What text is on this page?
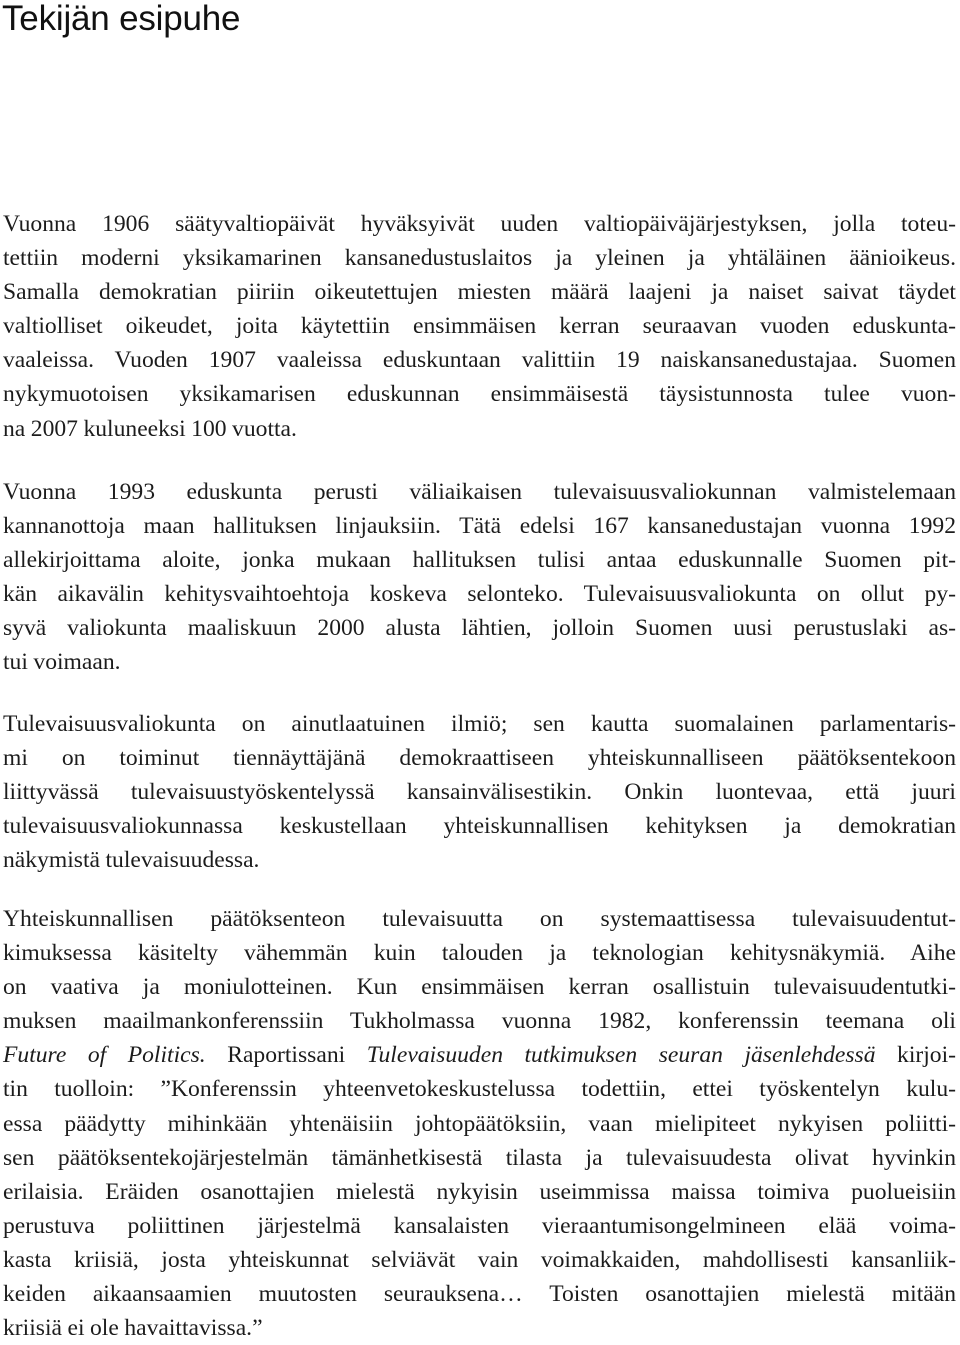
Tekijän esipuhe
Vuonna 1906 säätyvaltiopäivät hyväksyivät uuden valtiopäiväjärjestyksen, jolla toteu-
tettiin moderni yksikamarinen kansanedustuslaitos ja yleinen ja yhtäläinen äänioikeus.
Samalla demokratian piiriin oikeutettujen miesten määrä laajeni ja naiset saivat täydet
valtiolliset oikeudet, joita käytettiin ensimmäisen kerran seuraavan vuoden eduskunta-
vaaleissa. Vuoden 1907 vaaleissa eduskuntaan valittiin 19 naiskansanedustajaa. Suomen
nykymuotoisen yksikamarisen eduskunnan ensimmäisestä täysistunnosta tulee vuon-
na 2007 kuluneeksi 100 vuotta.
Vuonna 1993 eduskunta perusti väliaikaisen tulevaisuusvaliokunnan valmistelemaan
kannanottoja maan hallituksen linjauksiin. Tätä edelsi 167 kansanedustajan vuonna 1992
allekirjoittama aloite, jonka mukaan hallituksen tulisi antaa eduskunnalle Suomen pit-
kän aikavälin kehitysvaihtoehtoja koskeva selonteko. Tulevaisuusvaliokunta on ollut py-
syvä valiokunta maaliskuun 2000 alusta lähtien, jolloin Suomen uusi perustuslaki as-
tui voimaan.
Tulevaisuusvaliokunta on ainutlaatuinen ilmiö; sen kautta suomalainen parlamentaris-
mi on toiminut tiennäyttäjänä demokraattiseen yhteiskunnalliseen päätöksentekoon
liittyvässä tulevaisuustyöskentelyssä kansainvälisestikin. Onkin luontevaa, että juuri
tulevaisuusvaliokunnassa keskustellaan yhteiskunnallisen kehityksen ja demokratian
näkymistä tulevaisuudessa.
Yhteiskunnallisen päätöksenteon tulevaisuutta on systemaattisessa tulevaisuudentut-
kimuksessa käsitelty vähemmän kuin talouden ja teknologian kehitysnäkymiä. Aihe
on vaativa ja moniulotteinen. Kun ensimmäisen kerran osallistuin tulevaisuudentutki-
muksen maailmankonferenssiin Tukholmassa vuonna 1982, konferenssin teemana oli
Future of Politics. Raportissani Tulevaisuuden tutkimuksen seuran jäsenlehdessä kirjoi-
tin tuolloin: ”Konferenssin yhteenvetokeskustelussa todettiin, ettei työskentelyn kulu-
essa päädytty mihinkään yhtenäisiin johtopäätöksiin, vaan mielipiteet nykyisen poliitti-
sen päätöksentekojärjestelmän tämänhetkisestä tilasta ja tulevaisuudesta olivat hyvinkin
erilaisia. Eräiden osanottajien mielestä nykyisin useimmissa maissa toimiva puolueisiin
perustuva poliittinen järjestelmä kansalaisten vieraantumisongelmineen elää voima-
kasta kriisiä, josta yhteiskunnat selviävät vain voimakkaiden, mahdollisesti kansanliik-
keiden aikaansaamien muutosten seurauksena… Toisten osanottajien mielestä mitään
kriisiä ei ole havaittavissa.”
